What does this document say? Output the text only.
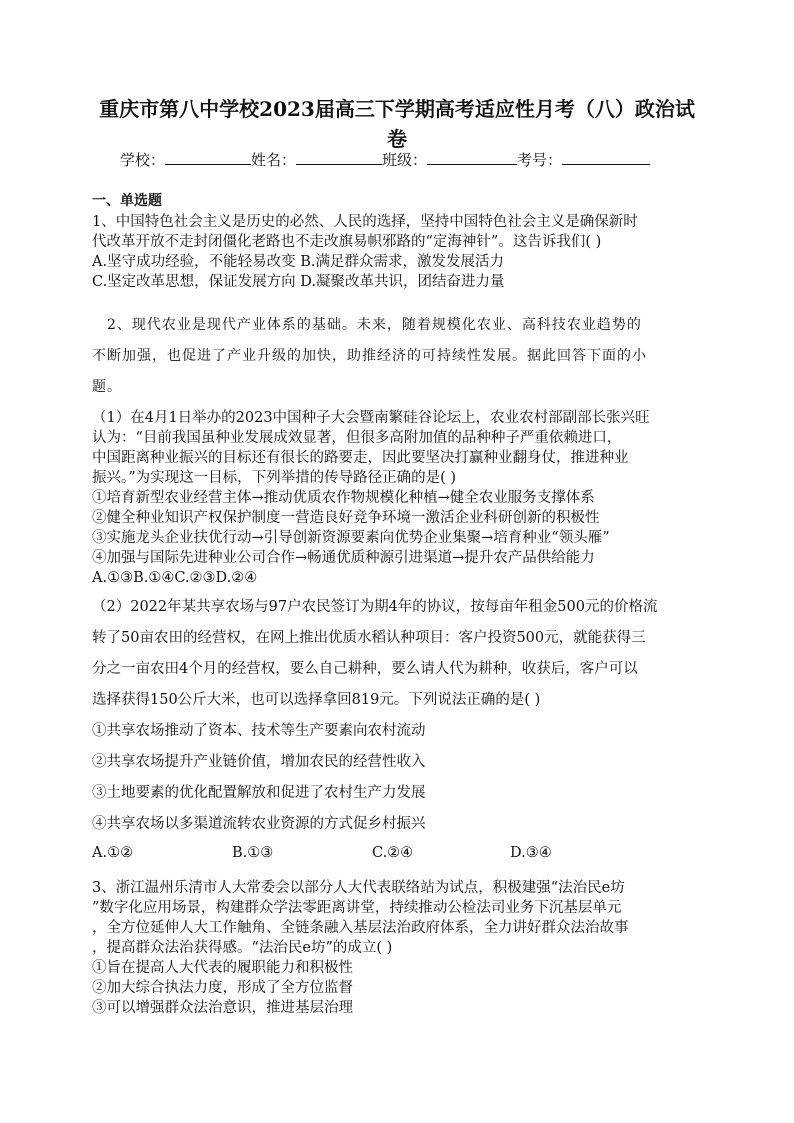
重庆市第八中学校2023届高三下学期高考适应性月考（八）政治试卷
学校：	姓名：	班级：	考号：
一、单选题
1、中国特色社会主义是历史的必然、人民的选择，坚持中国特色社会主义是确保新时
代改革开放不走封闭僵化老路也不走改旗易帜邪路的“定海神针”。这告诉我们( )
A.坚守成功经验，不能轻易改变 B.满足群众需求，激发发展活力
C.坚定改革思想，保证发展方向 D.凝聚改革共识，团结奋进力量
　2、现代农业是现代产业体系的基础。未来，随着规模化农业、高科技农业趋势的
不断加强，也促进了产业升级的加快，助推经济的可持续性发展。据此回答下面的小
题。
（1）在4月1日举办的2023中国种子大会暨南繁硅谷论坛上，农业农村部副部长张兴旺
认为：“目前我国虽种业发展成效显著，但很多高附加值的品种种子严重依赖进口，
中国距离种业振兴的目标还有很长的路要走，因此要坚决打赢种业翻身仗，推进种业
振兴。”为实现这一目标，下列举措的传导路径正确的是( )
①培育新型农业经营主体→推动优质农作物规模化种植→健全农业服务支撑体系
②健全种业知识产权保护制度一营造良好竞争环境一激活企业科研创新的积极性
③实施龙头企业扶优行动→引导创新资源要素向优势企业集聚→培育种业“领头雁”
④加强与国际先进种业公司合作→畅通优质种源引进渠道→提升农产品供给能力
A.①③B.①④C.②③D.②④
（2）2022年某共享农场与97户农民签订为期4年的协议，按每亩年租金500元的价格流
转了50亩农田的经营权，在网上推出优质水稻认种项目：客户投资500元，就能获得三
分之一亩农田4个月的经营权，要么自己耕种，要么请人代为耕种，收获后，客户可以
选择获得150公斤大米，也可以选择拿回819元。下列说法正确的是( )
①共享农场推动了资本、技术等生产要素向农村流动
②共享农场提升产业链价值，增加农民的经营性收入
③土地要素的优化配置解放和促进了农村生产力发展
④共享农场以多渠道流转农业资源的方式促乡村振兴
A.①②	B.①③	C.②④	D.③④
3、浙江温州乐清市人大常委会以部分人大代表联络站为试点，积极建强“法治民e坊
”数字化应用场景，构建群众学法零距离讲堂，持续推动公检法司业务下沉基层单元
，全方位延伸人大工作触角、全链条融入基层法治政府体系，全力讲好群众法治故事
，提高群众法治获得感。“法治民e坊”的成立( )
①旨在提高人大代表的履职能力和积极性
②加大综合执法力度，形成了全方位监督
③可以增强群众法治意识，推进基层治理
